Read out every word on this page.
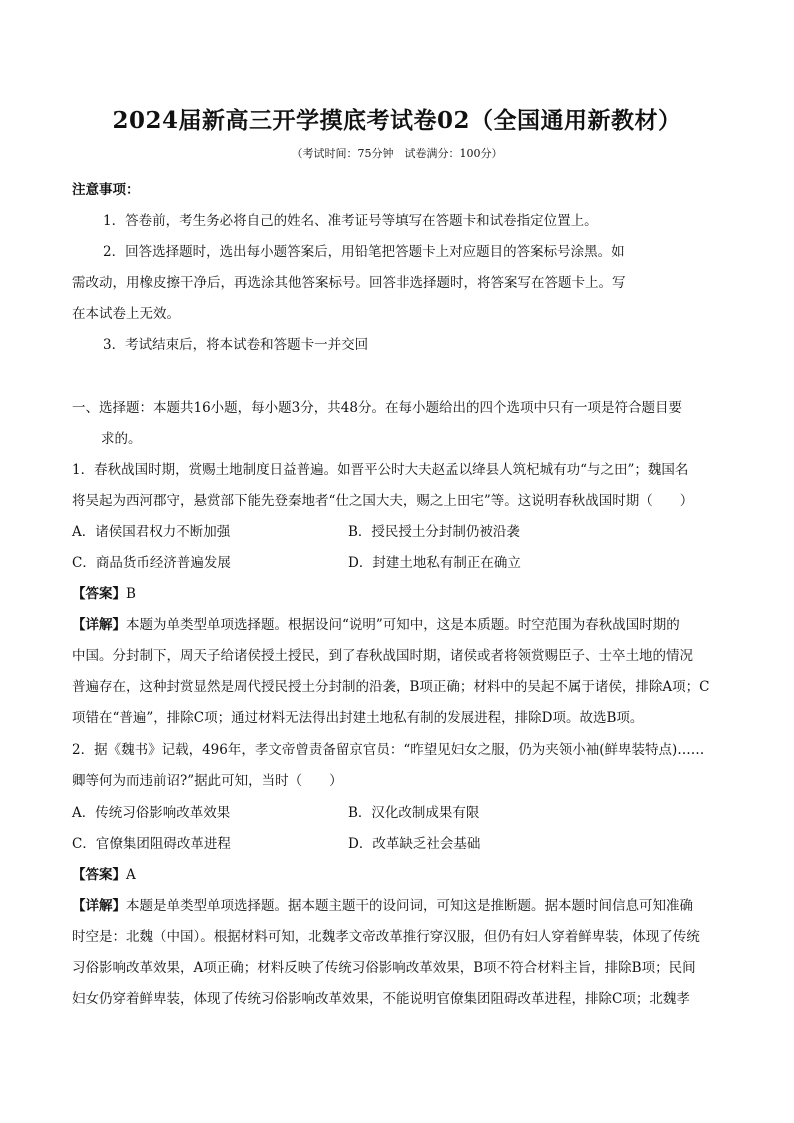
2024届新高三开学摸底考试卷02（全国通用新教材）
（考试时间：75分钟　试卷满分：100分）
注意事项：
1．答卷前，考生务必将自己的姓名、准考证号等填写在答题卡和试卷指定位置上。
2．回答选择题时，选出每小题答案后，用铅笔把答题卡上对应题目的答案标号涂黑。如
需改动，用橡皮擦干净后，再选涂其他答案标号。回答非选择题时，将答案写在答题卡上。写
在本试卷上无效。
3．考试结束后，将本试卷和答题卡一并交回
一、选择题：本题共16小题，每小题3分，共48分。在每小题给出的四个选项中只有一项是符合题目要
求的。
1．春秋战国时期，赏赐土地制度日益普遍。如晋平公时大夫赵孟以绛县人筑杞城有功“与之田”；魏国名
将吴起为西河郡守，悬赏部下能先登秦地者“仕之国大夫，赐之上田宅”等。这说明春秋战国时期（　　）
A．诸侯国君权力不断加强	B．授民授土分封制仍被沿袭
C．商品货币经济普遍发展	D．封建土地私有制正在确立
【答案】B
【详解】本题为单类型单项选择题。根据设问“说明”可知中，这是本质题。时空范围为春秋战国时期的
中国。分封制下，周天子给诸侯授土授民，到了春秋战国时期，诸侯或者将领赏赐臣子、士卒土地的情况
普遍存在，这种封赏显然是周代授民授土分封制的沿袭，B项正确；材料中的吴起不属于诸侯，排除A项；C
项错在“普遍”，排除C项；通过材料无法得出封建土地私有制的发展进程，排除D项。故选B项。
2．据《魏书》记载，496年，孝文帝曾责备留京官员：“昨望见妇女之服，仍为夹领小袖(鲜卑装特点)……
卿等何为而违前诏?”据此可知，当时（　　）
A．传统习俗影响改革效果	B．汉化改制成果有限
C．官僚集团阻碍改革进程	D．改革缺乏社会基础
【答案】A
【详解】本题是单类型单项选择题。据本题主题干的设问词，可知这是推断题。据本题时间信息可知准确
时空是：北魏（中国）。根据材料可知，北魏孝文帝改革推行穿汉服，但仍有妇人穿着鲜卑装，体现了传统
习俗影响改革效果，A项正确；材料反映了传统习俗影响改革效果，B项不符合材料主旨，排除B项；民间
妇女仍穿着鲜卑装，体现了传统习俗影响改革效果，不能说明官僚集团阻碍改革进程，排除C项；北魏孝
